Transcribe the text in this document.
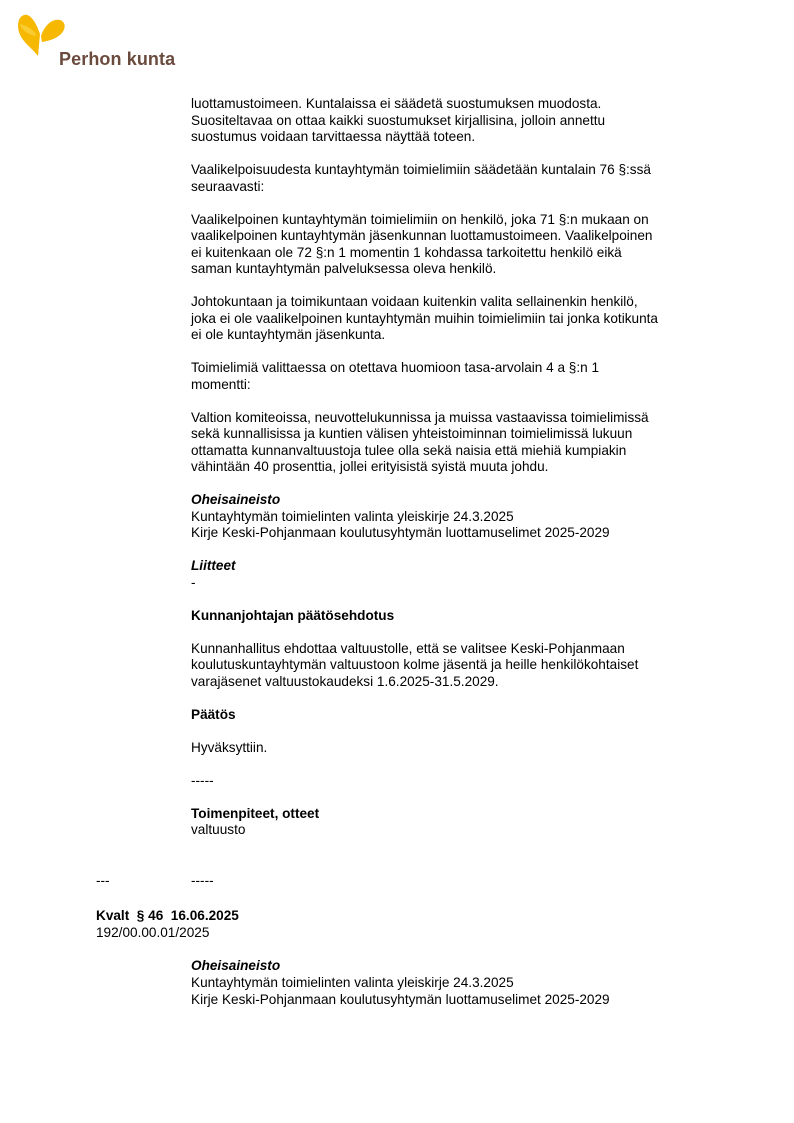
Perhon kunta

luottamustoimeen. Kuntalaissa ei säädetä suostumuksen muodosta.
Suositeltavaa on ottaa kaikki suostumukset kirjallisina, jolloin annettu
suostumus voidaan tarvittaessa näyttää toteen.

Vaalikelpoisuudesta kuntayhtymän toimielimiin säädetään kuntalain 76 §:ssä
seuraavasti:

Vaalikelpoinen kuntayhtymän toimielimiin on henkilö, joka 71 §:n mukaan on
vaalikelpoinen kuntayhtymän jäsenkunnan luottamustoimeen. Vaalikelpoinen
ei kuitenkaan ole 72 §:n 1 momentin 1 kohdassa tarkoitettu henkilö eikä
saman kuntayhtymän palveluksessa oleva henkilö.

Johtokuntaan ja toimikuntaan voidaan kuitenkin valita sellainenkin henkilö,
joka ei ole vaalikelpoinen kuntayhtymän muihin toimielimiin tai jonka kotikunta
ei ole kuntayhtymän jäsenkunta.

Toimielimiä valittaessa on otettava huomioon tasa-arvolain 4 a §:n 1
momentti:

Valtion komiteoissa, neuvottelukunnissa ja muissa vastaavissa toimielimissä
sekä kunnallisissa ja kuntien välisen yhteistoiminnan toimielimissä lukuun
ottamatta kunnanvaltuustoja tulee olla sekä naisia että miehiä kumpiakin
vähintään 40 prosenttia, jollei erityisistä syistä muuta johdu.

Oheisaineisto

Kuntayhtymän toimielinten valinta yleiskirje 24.3.2025

Kirje Keski-Pohjanmaan koulutusyhtymän luottamuselimet 2025-2029

Liitteet

-

Kunnanjohtajan päätösehdotus

Kunnanhallitus ehdottaa valtuustolle, että se valitsee Keski-Pohjanmaan
koulutuskuntayhtymän valtuustoon kolme jäsentä ja heille henkilökohtaiset
varajäsenet valtuustokaudeksi 1.6.2025-31.5.2029.

Päätös

Hyväksyttiin.

-----

Toimenpiteet, otteet

valtuusto

---	-----
Kvalt  § 46  16.06.2025
192/00.00.01/2025
Oheisaineisto
Kuntayhtymän toimielinten valinta yleiskirje 24.3.2025
Kirje Keski-Pohjanmaan koulutusyhtymän luottamuselimet 2025-2029
